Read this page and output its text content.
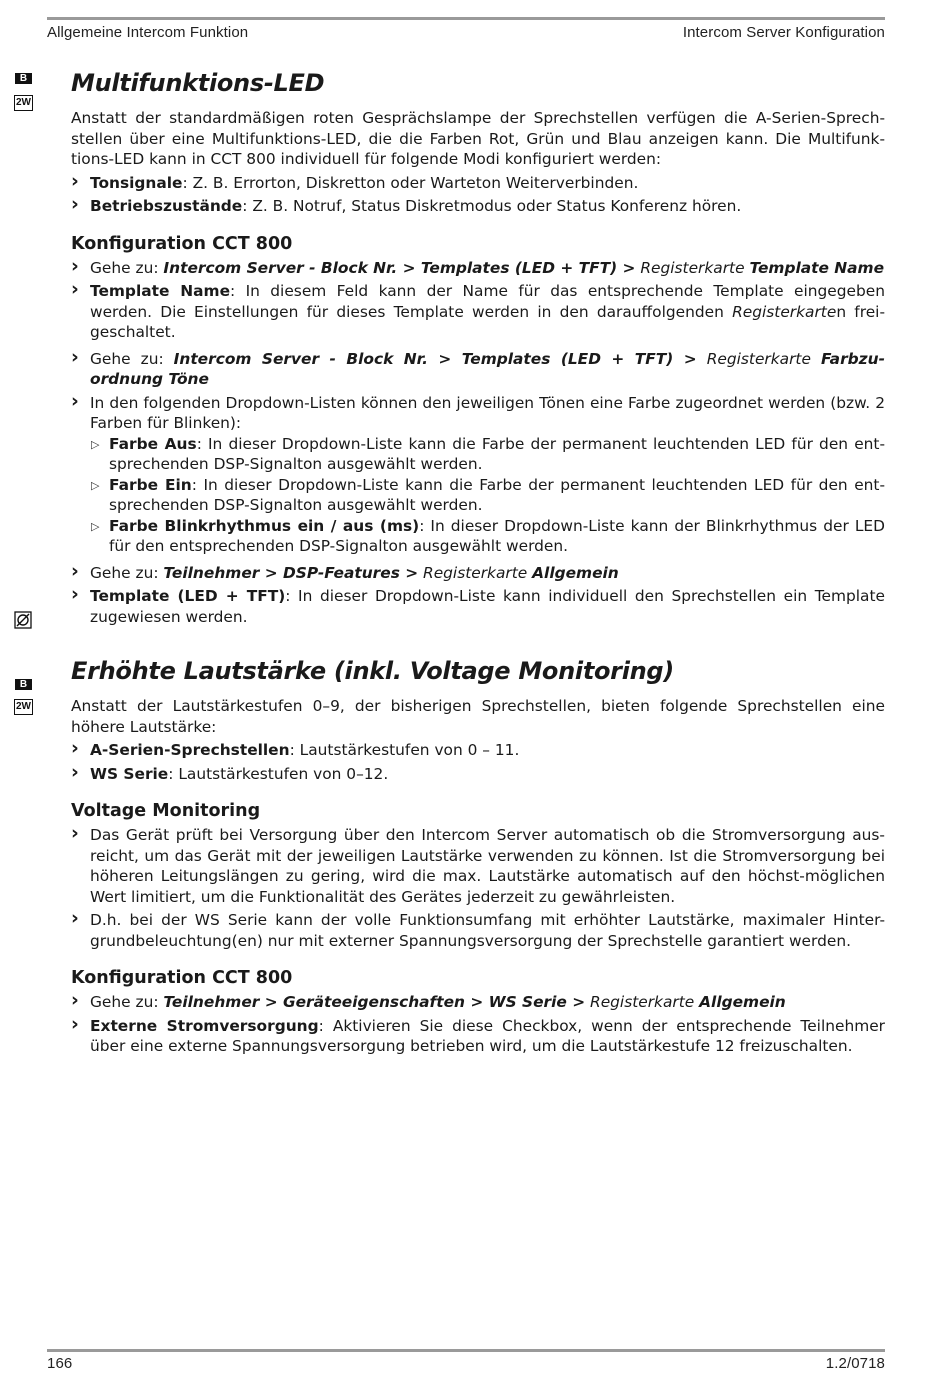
Allgemeine Intercom Funktion	Intercom Server Konfiguration
B
2W
B
2W
Multifunktions-LED

Anstatt der standardmäßigen roten Gesprächslampe der Sprechstellen verfügen die A-Serien-Sprech-stellen über eine Multifunktions-LED, die die Farben Rot, Grün und Blau anzeigen kann. Die Multifunk-tions-LED kann in CCT 800 individuell für folgende Modi konfiguriert werden:

› Tonsignale: Z. B. Errorton, Diskretton oder Warteton Weiterverbinden.
› Betriebszustände: Z. B. Notruf, Status Diskretmodus oder Status Konferenz hören.
Konfiguration CCT 800
› Gehe zu: Intercom Server - Block Nr. > Templates (LED + TFT) > Registerkarte Template Name
› Template Name: In diesem Feld kann der Name für das entsprechende Template eingegeben werden. Die Einstellungen für dieses Template werden in den darauffolgenden Registerkarten frei-geschaltet.
› Gehe zu: Intercom Server - Block Nr. > Templates (LED + TFT) > Registerkarte Farbzu-ordnung Töne
› In den folgenden Dropdown-Listen können den jeweiligen Tönen eine Farbe zugeordnet werden (bzw. 2 Farben für Blinken):
▷ Farbe Aus: In dieser Dropdown-Liste kann die Farbe der permanent leuchtenden LED für den ent-sprechenden DSP-Signalton ausgewählt werden.
▷ Farbe Ein: In dieser Dropdown-Liste kann die Farbe der permanent leuchtenden LED für den ent-sprechenden DSP-Signalton ausgewählt werden.
▷ Farbe Blinkrhythmus ein / aus (ms): In dieser Dropdown-Liste kann der Blinkrhythmus der LED für den entsprechenden DSP-Signalton ausgewählt werden.
› Gehe zu: Teilnehmer > DSP-Features > Registerkarte Allgemein
› Template (LED + TFT): In dieser Dropdown-Liste kann individuell den Sprechstellen ein Template zugewiesen werden.
Erhöhte Lautstärke (inkl. Voltage Monitoring)

Anstatt der Lautstärkestufen 0–9, der bisherigen Sprechstellen, bieten folgende Sprechstellen eine höhere Lautstärke:

› A-Serien-Sprechstellen: Lautstärkestufen von 0 – 11.
› WS Serie: Lautstärkestufen von 0–12.
Voltage Monitoring
› Das Gerät prüft bei Versorgung über den Intercom Server automatisch ob die Stromversorgung aus-reicht, um das Gerät mit der jeweiligen Lautstärke verwenden zu können. Ist die Stromversorgung bei höheren Leitungslängen zu gering, wird die max. Lautstärke automatisch auf den höchst-möglichen Wert limitiert, um die Funktionalität des Gerätes jederzeit zu gewährleisten.
› D.h. bei der WS Serie kann der volle Funktionsumfang mit erhöhter Lautstärke, maximaler Hinter-grundbeleuchtung(en) nur mit externer Spannungsversorgung der Sprechstelle garantiert werden.
Konfiguration CCT 800
› Gehe zu: Teilnehmer > Geräteeigenschaften > WS Serie > Registerkarte Allgemein
› Externe Stromversorgung: Aktivieren Sie diese Checkbox, wenn der entsprechende Teilnehmer über eine externe Spannungsversorgung betrieben wird, um die Lautstärkestufe 12 freizuschalten.
166	1.2/0718
